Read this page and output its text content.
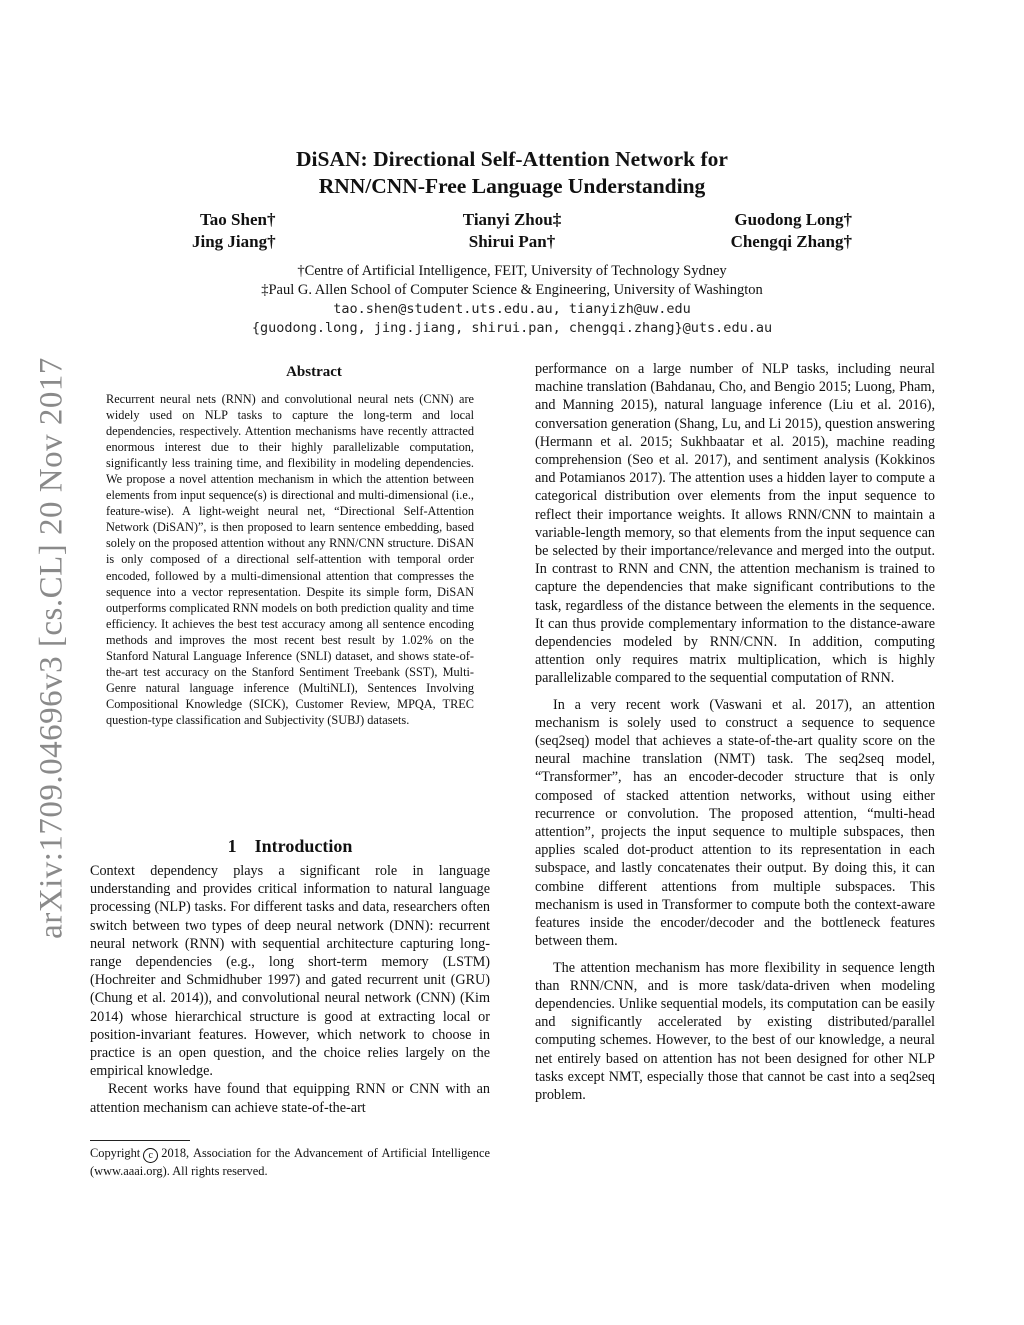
arXiv:1709.04696v3 [cs.CL] 20 Nov 2017
DiSAN: Directional Self-Attention Network for
RNN/CNN-Free Language Understanding
Tao Shen†	Tianyi Zhou‡	Guodong Long†
Jing Jiang†	Shirui Pan†	Chengqi Zhang†
†Centre of Artificial Intelligence, FEIT, University of Technology Sydney
‡Paul G. Allen School of Computer Science & Engineering, University of Washington
tao.shen@student.uts.edu.au, tianyizh@uw.edu
{guodong.long, jing.jiang, shirui.pan, chengqi.zhang}@uts.edu.au
Abstract
Recurrent neural nets (RNN) and convolutional neural nets (CNN) are widely used on NLP tasks to capture the long-term and local dependencies, respectively. Attention mechanisms have recently attracted enormous interest due to their highly parallelizable computation, significantly less training time, and flexibility in modeling dependencies. We propose a novel attention mechanism in which the attention between elements from input sequence(s) is directional and multi-dimensional (i.e., feature-wise). A light-weight neural net, “Directional Self-Attention Network (DiSAN)”, is then proposed to learn sentence embedding, based solely on the proposed attention without any RNN/CNN structure. DiSAN is only composed of a directional self-attention with temporal order encoded, followed by a multi-dimensional attention that compresses the sequence into a vector representation. Despite its simple form, DiSAN outperforms complicated RNN models on both prediction quality and time efficiency. It achieves the best test accuracy among all sentence encoding methods and improves the most recent best result by 1.02% on the Stanford Natural Language Inference (SNLI) dataset, and shows state-of-the-art test accuracy on the Stanford Sentiment Treebank (SST), Multi-Genre natural language inference (MultiNLI), Sentences Involving Compositional Knowledge (SICK), Customer Review, MPQA, TREC question-type classification and Subjectivity (SUBJ) datasets.
1 Introduction

Context dependency plays a significant role in language understanding and provides critical information to natural language processing (NLP) tasks. For different tasks and data, researchers often switch between two types of deep neural network (DNN): recurrent neural network (RNN) with sequential architecture capturing long-range dependencies (e.g., long short-term memory (LSTM) (Hochreiter and Schmidhuber 1997) and gated recurrent unit (GRU) (Chung et al. 2014)), and convolutional neural network (CNN) (Kim 2014) whose hierarchical structure is good at extracting local or position-invariant features. However, which network to choose in practice is an open question, and the choice relies largely on the empirical knowledge.

Recent works have found that equipping RNN or CNN with an attention mechanism can achieve state-of-the-art

Copyright c 2018, Association for the Advancement of Artificial Intelligence (www.aaai.org). All rights reserved.

performance on a large number of NLP tasks, including neural machine translation (Bahdanau, Cho, and Bengio 2015; Luong, Pham, and Manning 2015), natural language inference (Liu et al. 2016), conversation generation (Shang, Lu, and Li 2015), question answering (Hermann et al. 2015; Sukhbaatar et al. 2015), machine reading comprehension (Seo et al. 2017), and sentiment analysis (Kokkinos and Potamianos 2017). The attention uses a hidden layer to compute a categorical distribution over elements from the input sequence to reflect their importance weights. It allows RNN/CNN to maintain a variable-length memory, so that elements from the input sequence can be selected by their importance/relevance and merged into the output. In contrast to RNN and CNN, the attention mechanism is trained to capture the dependencies that make significant contributions to the task, regardless of the distance between the elements in the sequence. It can thus provide complementary information to the distance-aware dependencies modeled by RNN/CNN. In addition, computing attention only requires matrix multiplication, which is highly parallelizable compared to the sequential computation of RNN.

In a very recent work (Vaswani et al. 2017), an attention mechanism is solely used to construct a sequence to sequence (seq2seq) model that achieves a state-of-the-art quality score on the neural machine translation (NMT) task. The seq2seq model, “Transformer”, has an encoder-decoder structure that is only composed of stacked attention networks, without using either recurrence or convolution. The proposed attention, “multi-head attention”, projects the input sequence to multiple subspaces, then applies scaled dot-product attention to its representation in each subspace, and lastly concatenates their output. By doing this, it can combine different attentions from multiple subspaces. This mechanism is used in Transformer to compute both the context-aware features inside the encoder/decoder and the bottleneck features between them.

The attention mechanism has more flexibility in sequence length than RNN/CNN, and is more task/data-driven when modeling dependencies. Unlike sequential models, its computation can be easily and significantly accelerated by existing distributed/parallel computing schemes. However, to the best of our knowledge, a neural net entirely based on attention has not been designed for other NLP tasks except NMT, especially those that cannot be cast into a seq2seq problem.
